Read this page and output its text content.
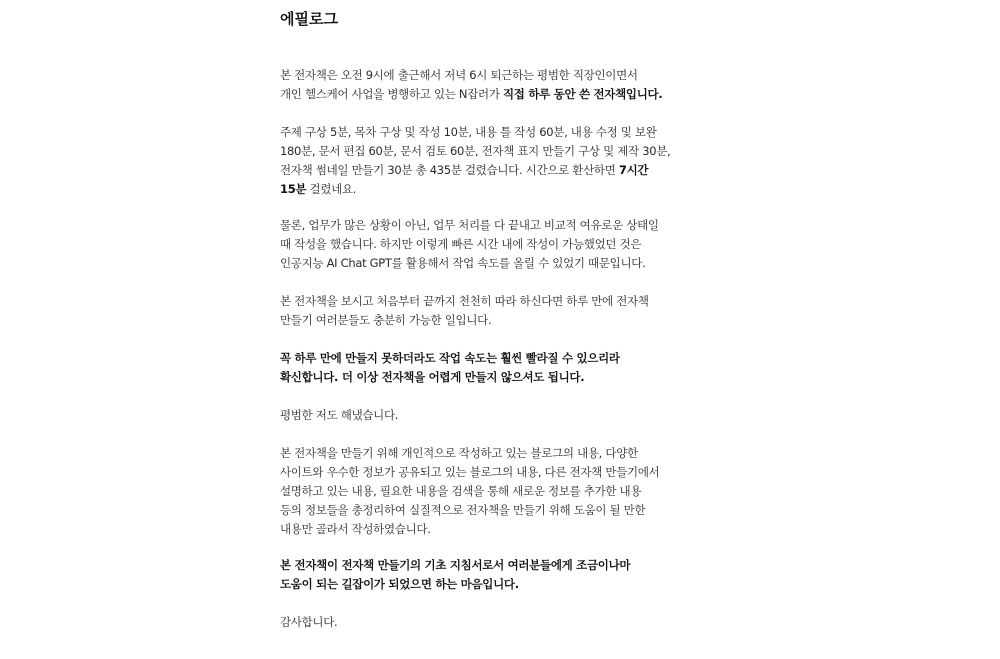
에필로그

본 전자책은 오전 9시에 출근해서 저녁 6시 퇴근하는 평범한 직장인이면서
개인 헬스케어 사업을 병행하고 있는 N잡러가 직접 하루 동안 쓴 전자책입니다.

주제 구상 5분, 목차 구상 및 작성 10분, 내용 틀 작성 60분, 내용 수정 및 보완
180분, 문서 편집 60분, 문서 검토 60분, 전자책 표지 만들기 구상 및 제작 30분,
전자책 썸네일 만들기 30분 총 435분 걸렸습니다. 시간으로 환산하면 7시간
15분 걸렸네요.

물론, 업무가 많은 상황이 아닌, 업무 처리를 다 끝내고 비교적 여유로운 상태일
때 작성을 했습니다. 하지만 이렇게 빠른 시간 내에 작성이 가능했었던 것은
인공지능 AI Chat GPT를 활용해서 작업 속도를 올릴 수 있었기 때문입니다.

본 전자책을 보시고 처음부터 끝까지 천천히 따라 하신다면 하루 만에 전자책
만들기 여러분들도 충분히 가능한 일입니다.

꼭 하루 만에 만들지 못하더라도 작업 속도는 훨씬 빨라질 수 있으리라
확신합니다. 더 이상 전자책을 어렵게 만들지 않으셔도 됩니다.

평범한 저도 해냈습니다.

본 전자책을 만들기 위해 개인적으로 작성하고 있는 블로그의 내용, 다양한
사이트와 우수한 정보가 공유되고 있는 블로그의 내용, 다른 전자책 만들기에서
설명하고 있는 내용, 필요한 내용을 검색을 통해 새로운 정보를 추가한 내용
등의 정보들을 총정리하여 실질적으로 전자책을 만들기 위해 도움이 될 만한
내용만 골라서 작성하였습니다.

본 전자책이 전자책 만들기의 기초 지침서로서 여러분들에게 조금이나마
도움이 되는 길잡이가 되었으면 하는 마음입니다.

감사합니다.
